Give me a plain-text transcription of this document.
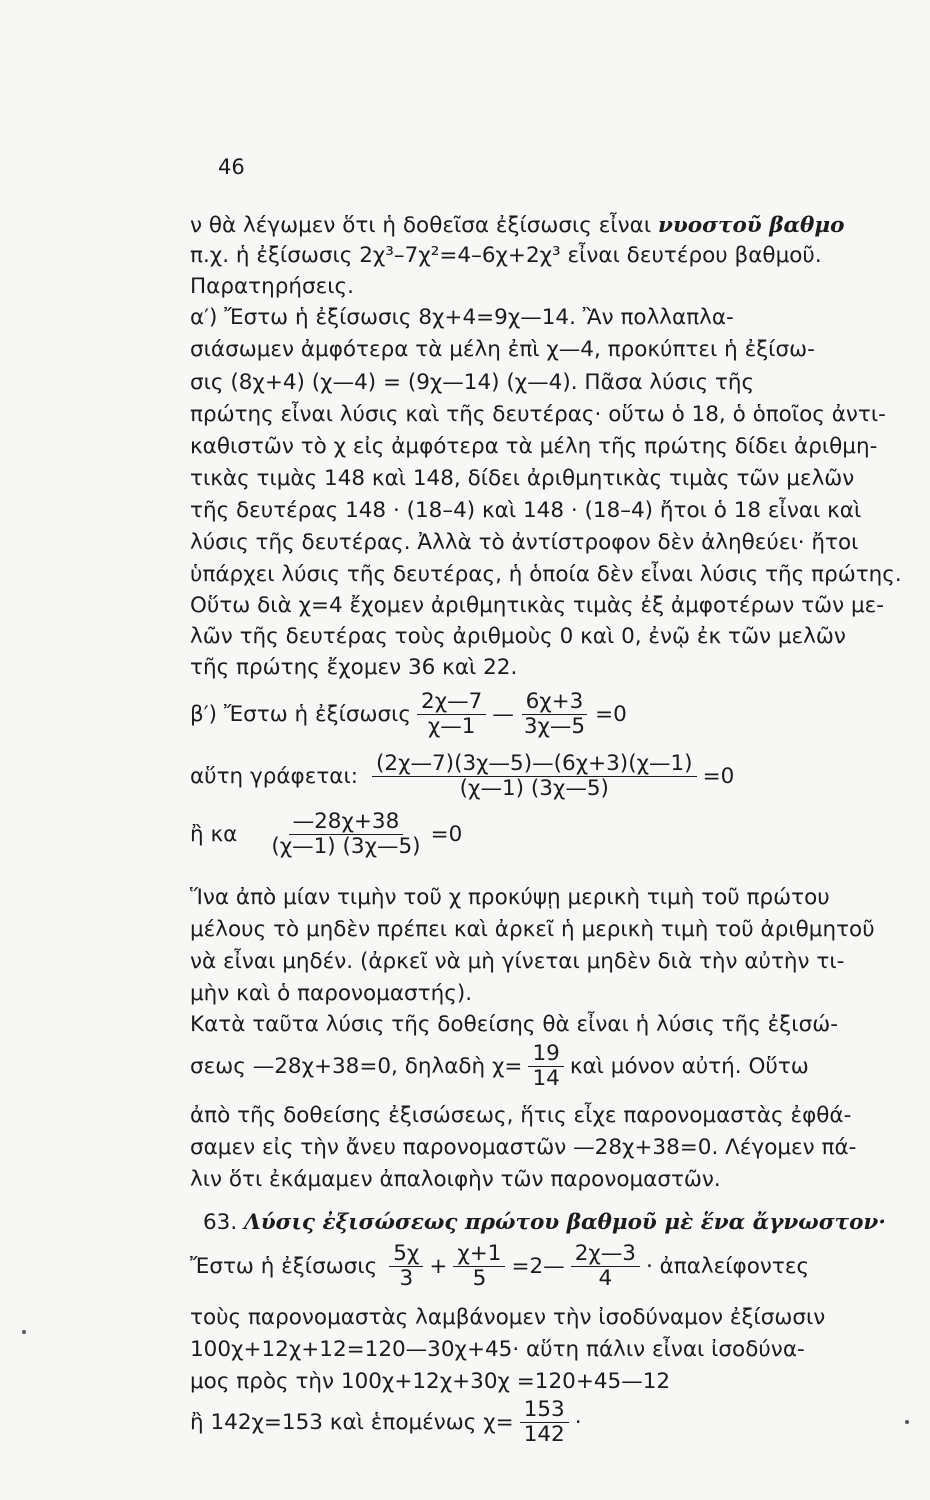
46
ν θὰ λέγωμεν ὅτι ἡ δοθεῖσα ἐξίσωσις εἶναι νυοστοῦ βαθμο
π.χ. ἡ ἐξίσωσις 2χ³–7χ²=4–6χ+2χ³ εἶναι δευτέρου βαθμοῦ.
Παρατηρήσεις.
α′) Ἔστω ἡ ἐξίσωσις 8χ+4=9χ—14. Ἂν πολλαπλα-
σιάσωμεν ἀμφότερα τὰ μέλη ἐπὶ χ—4, προκύπτει ἡ ἐξίσω-
σις (8χ+4) (χ—4) = (9χ—14) (χ—4). Πᾶσα λύσις τῆς
πρώτης εἶναι λύσις καὶ τῆς δευτέρας· οὕτω ὁ 18, ὁ ὁποῖος ἀντι-
καθιστῶν τὸ χ εἰς ἀμφότερα τὰ μέλη τῆς πρώτης δίδει ἀριθμη-
τικὰς τιμὰς 148 καὶ 148, δίδει ἀριθμητικὰς τιμὰς τῶν μελῶν
τῆς δευτέρας 148 · (18–4) καὶ 148 · (18–4) ἤτοι ὁ 18 εἶναι καὶ
λύσις τῆς δευτέρας. Ἀλλὰ τὸ ἀντίστροφον δὲν ἀληθεύει· ἤτοι
ὑπάρχει λύσις τῆς δευτέρας, ἡ ὁποία δὲν εἶναι λύσις τῆς πρώτης.
Οὕτω διὰ χ=4 ἔχομεν ἀριθμητικὰς τιμὰς ἐξ ἀμφοτέρων τῶν με-
λῶν τῆς δευτέρας τοὺς ἀριθμοὺς 0 καὶ 0, ἐνῷ ἐκ τῶν μελῶν
τῆς πρώτης ἔχομεν 36 καὶ 22.
β′) Ἔστω ἡ ἐξίσωσις $\frac{2\chi—7}{\chi—1}$ — $\frac{6\chi+3}{3\chi—5} =0$
αὕτη γράφεται: $\frac{(2\chi—7)(3\chi—5)—(6\chi+3)(\chi—1)}{(\chi—1) (3\chi—5)} =0$
ἢ κα $\frac{—28\chi+38}{(\chi—1) (3\chi—5)} =0$
Ἵνα ἀπὸ μίαν τιμὴν τοῦ χ προκύψῃ μερικὴ τιμὴ τοῦ πρώτου
μέλους τὸ μηδὲν πρέπει καὶ ἀρκεῖ ἡ μερικὴ τιμὴ τοῦ ἀριθμητοῦ
νὰ εἶναι μηδέν. (ἀρκεῖ νὰ μὴ γίνεται μηδὲν διὰ τὴν αὐτὴν τι-
μὴν καὶ ὁ παρονομαστής).
Κατὰ ταῦτα λύσις τῆς δοθείσης θὰ εἶναι ἡ λύσις τῆς ἐξισώ-
σεως —28χ+38=0, δηλαδὴ $\chi= \frac{19}{14}$ καὶ μόνον αὐτή. Οὕτω
ἀπὸ τῆς δοθείσης ἐξισώσεως, ἥτις εἶχε παρονομαστὰς ἐφθά-
σαμεν εἰς τὴν ἄνευ παρονομαστῶν —28χ+38=0. Λέγομεν πά-
λιν ὅτι ἐκάμαμεν ἀπαλοιφὴν τῶν παρονομαστῶν.
63. Λύσις ἐξισώσεως πρώτου βαθμοῦ μὲ ἕνα ἄγνωστον·
Ἔστω ἡ ἐξίσωσις $\frac{5\chi}{3} + \frac{\chi+1}{5}$ =2— $\frac{2\chi—3}{4}$ · ἀπαλείφοντες
τοὺς παρονομαστὰς λαμβάνομεν τὴν ἰσοδύναμον ἐξίσωσιν
100χ+12χ+12=120—30χ+45· αὕτη πάλιν εἶναι ἰσοδύνα-
μος πρὸς τὴν 100χ+12χ+30χ =120+45—12
ἢ 142χ=153 καὶ ἑπομένως $\chi= \frac{153}{142}$ ·
